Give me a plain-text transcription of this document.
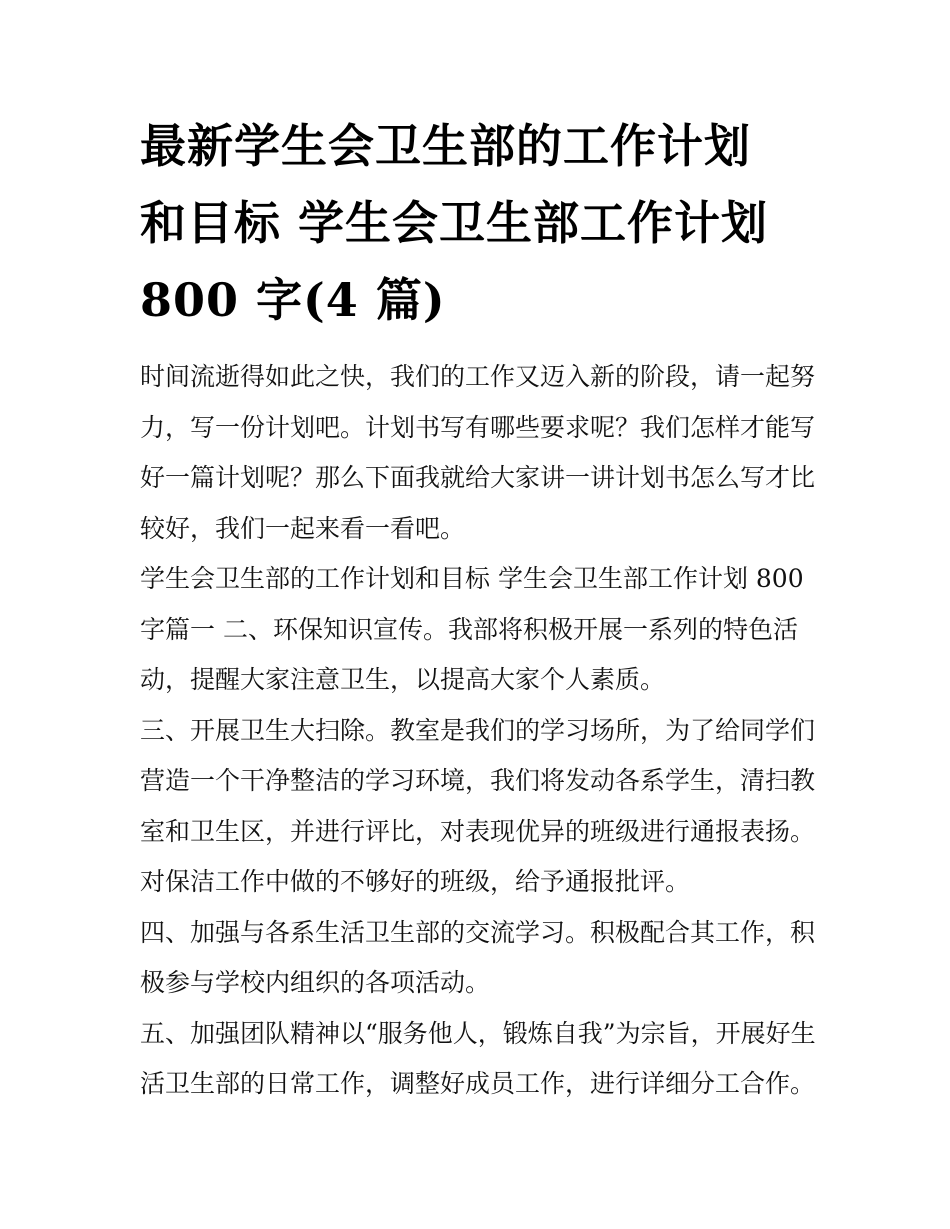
最新学生会卫生部的工作计划
和目标 学生会卫生部工作计划
800 字(4 篇)

时间流逝得如此之快，我们的工作又迈入新的阶段，请一起努
力，写一份计划吧。计划书写有哪些要求呢？我们怎样才能写
好一篇计划呢？那么下面我就给大家讲一讲计划书怎么写才比
较好，我们一起来看一看吧。

学生会卫生部的工作计划和目标 学生会卫生部工作计划 800
字篇一 二、环保知识宣传。我部将积极开展一系列的特色活
动，提醒大家注意卫生，以提高大家个人素质。

三、开展卫生大扫除。教室是我们的学习场所，为了给同学们
营造一个干净整洁的学习环境，我们将发动各系学生，清扫教
室和卫生区，并进行评比，对表现优异的班级进行通报表扬。
对保洁工作中做的不够好的班级，给予通报批评。

四、加强与各系生活卫生部的交流学习。积极配合其工作，积
极参与学校内组织的各项活动。

五、加强团队精神以“服务他人，锻炼自我”为宗旨，开展好生
活卫生部的日常工作，调整好成员工作，进行详细分工合作。
